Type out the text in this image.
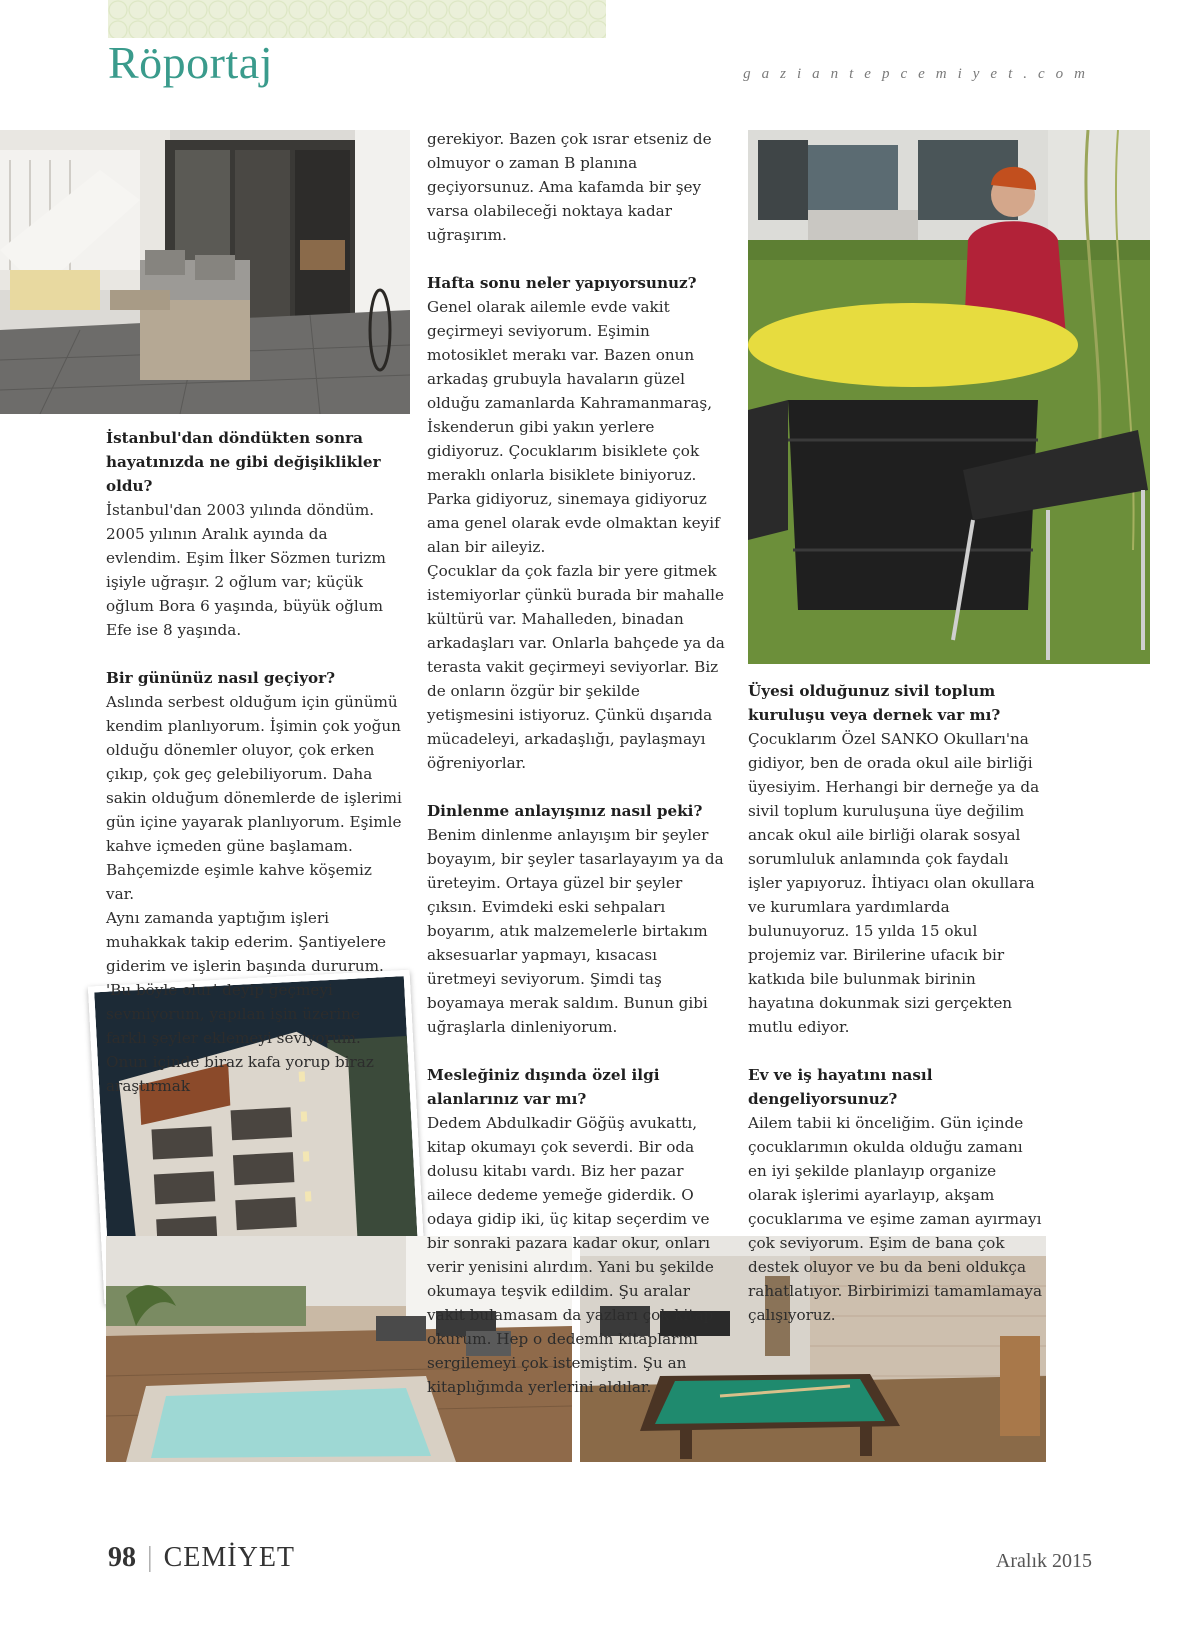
Röportaj	gaziantepcemiyet.com
İstanbul'dan döndükten sonra hayatınızda ne gibi değişiklikler oldu?

İstanbul'dan 2003 yılında döndüm. 2005 yılının Aralık ayında da evlendim. Eşim İlker Sözmen turizm işiyle uğraşır. 2 oğlum var; küçük oğlum Bora 6 yaşında, büyük oğlum Efe ise 8 yaşında.

Bir gününüz nasıl geçiyor?

Aslında serbest olduğum için günümü kendim planlıyorum. İşimin çok yoğun olduğu dönemler oluyor, çok erken çıkıp, çok geç gelebiliyorum. Daha sakin olduğum dönemlerde de işlerimi gün içine yayarak planlıyorum. Eşimle kahve içmeden güne başlamam. Bahçemizde eşimle kahve köşemiz var.

Aynı zamanda yaptığım işleri muhakkak takip ederim. Şantiyelere giderim ve işlerin başında dururum. 'Bu böyle olur' deyip geçmeyi sevmiyorum, yapılan işin üzerine farklı şeyler eklemeyi seviyorum. Onun içinde biraz kafa yorup biraz araştırmak

gerekiyor. Bazen çok ısrar etseniz de olmuyor o zaman B planına geçiyorsunuz. Ama kafamda bir şey varsa olabileceği noktaya kadar uğraşırım.

Hafta sonu neler yapıyorsunuz?

Genel olarak ailemle evde vakit geçirmeyi seviyorum. Eşimin motosiklet merakı var. Bazen onun arkadaş grubuyla havaların güzel olduğu zamanlarda Kahramanmaraş, İskenderun gibi yakın yerlere gidiyoruz. Çocuklarım bisiklete çok meraklı onlarla bisiklete biniyoruz. Parka gidiyoruz, sinemaya gidiyoruz ama genel olarak evde olmaktan keyif alan bir aileyiz.

Çocuklar da çok fazla bir yere gitmek istemiyorlar çünkü burada bir mahalle kültürü var. Mahalleden, binadan arkadaşları var. Onlarla bahçede ya da terasta vakit geçirmeyi seviyorlar. Biz de onların özgür bir şekilde yetişmesini istiyoruz. Çünkü dışarıda mücadeleyi, arkadaşlığı, paylaşmayı öğreniyorlar.

Dinlenme anlayışınız nasıl peki?

Benim dinlenme anlayışım bir şeyler boyayım, bir şeyler tasarlayayım ya da üreteyim. Ortaya güzel bir şeyler çıksın. Evimdeki eski sehpaları boyarım, atık malzemelerle birtakım aksesuarlar yapmayı, kısacası üretmeyi seviyorum. Şimdi taş boyamaya merak saldım. Bunun gibi uğraşlarla dinleniyorum.

Mesleğiniz dışında özel ilgi alanlarınız var mı?

Dedem Abdulkadir Göğüş avukattı, kitap okumayı çok severdi. Bir oda dolusu kitabı vardı. Biz her pazar ailece dedeme yemeğe giderdik. O odaya gidip iki, üç kitap seçerdim ve bir sonraki pazara kadar okur, onları verir yenisini alırdım. Yani bu şekilde okumaya teşvik edildim. Şu aralar vakit bulamasam da yazları çok kitap okurum. Hep o dedemin kitaplarını sergilemeyi çok istemiştim. Şu an kitaplığımda yerlerini aldılar.

Üyesi olduğunuz sivil toplum kuruluşu veya dernek var mı?

Çocuklarım Özel SANKO Okulları'na gidiyor, ben de orada okul aile birliği üyesiyim. Herhangi bir derneğe ya da sivil toplum kuruluşuna üye değilim ancak okul aile birliği olarak sosyal sorumluluk anlamında çok faydalı işler yapıyoruz. İhtiyacı olan okullara ve kurumlara yardımlarda bulunuyoruz. 15 yılda 15 okul projemiz var. Birilerine ufacık bir katkıda bile bulunmak birinin hayatına dokunmak sizi gerçekten mutlu ediyor.

Ev ve iş hayatını nasıl dengeliyorsunuz?

Ailem tabii ki önceliğim. Gün içinde çocuklarımın okulda olduğu zamanı en iyi şekilde planlayıp organize olarak işlerimi ayarlayıp, akşam çocuklarıma ve eşime zaman ayırmayı çok seviyorum. Eşim de bana çok destek oluyor ve bu da beni oldukça rahatlatıyor. Birbirimizi tamamlamaya çalışıyoruz.

98 | CEMİYET	Aralık 2015
